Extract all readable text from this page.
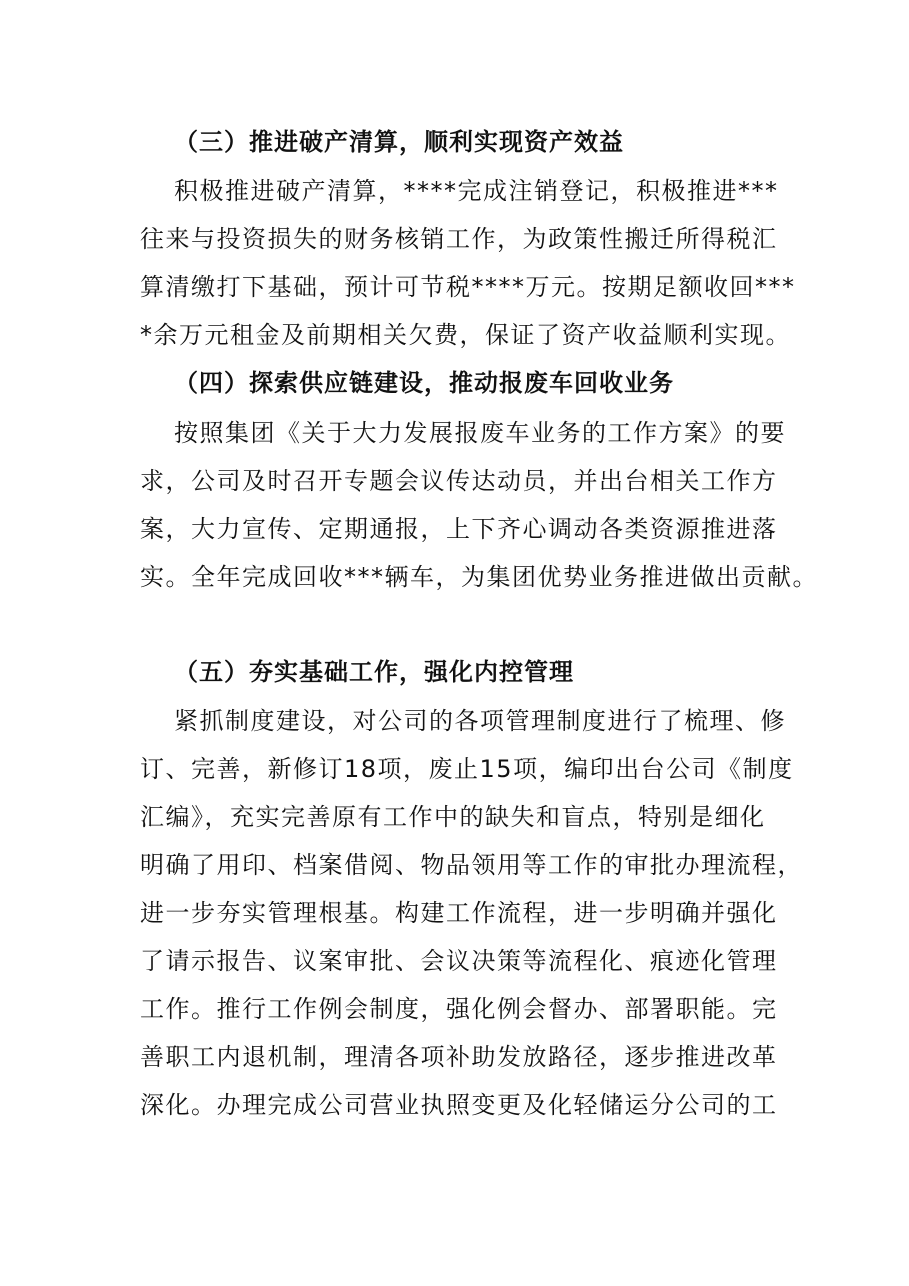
（三）推进破产清算，顺利实现资产效益
积极推进破产清算，****完成注销登记，积极推进***
往来与投资损失的财务核销工作，为政策性搬迁所得税汇
算清缴打下基础，预计可节税****万元。按期足额收回***
*余万元租金及前期相关欠费，保证了资产收益顺利实现。
（四）探索供应链建设，推动报废车回收业务
按照集团《关于大力发展报废车业务的工作方案》的要
求，公司及时召开专题会议传达动员，并出台相关工作方
案，大力宣传、定期通报，上下齐心调动各类资源推进落
实。全年完成回收***辆车，为集团优势业务推进做出贡献。
（五）夯实基础工作，强化内控管理
紧抓制度建设，对公司的各项管理制度进行了梳理、修
订、完善，新修订18项，废止15项，编印出台公司《制度
汇编》，充实完善原有工作中的缺失和盲点，特别是细化
明确了用印、档案借阅、物品领用等工作的审批办理流程，
进一步夯实管理根基。构建工作流程，进一步明确并强化
了请示报告、议案审批、会议决策等流程化、痕迹化管理
工作。推行工作例会制度，强化例会督办、部署职能。完
善职工内退机制，理清各项补助发放路径，逐步推进改革
深化。办理完成公司营业执照变更及化轻储运分公司的工
